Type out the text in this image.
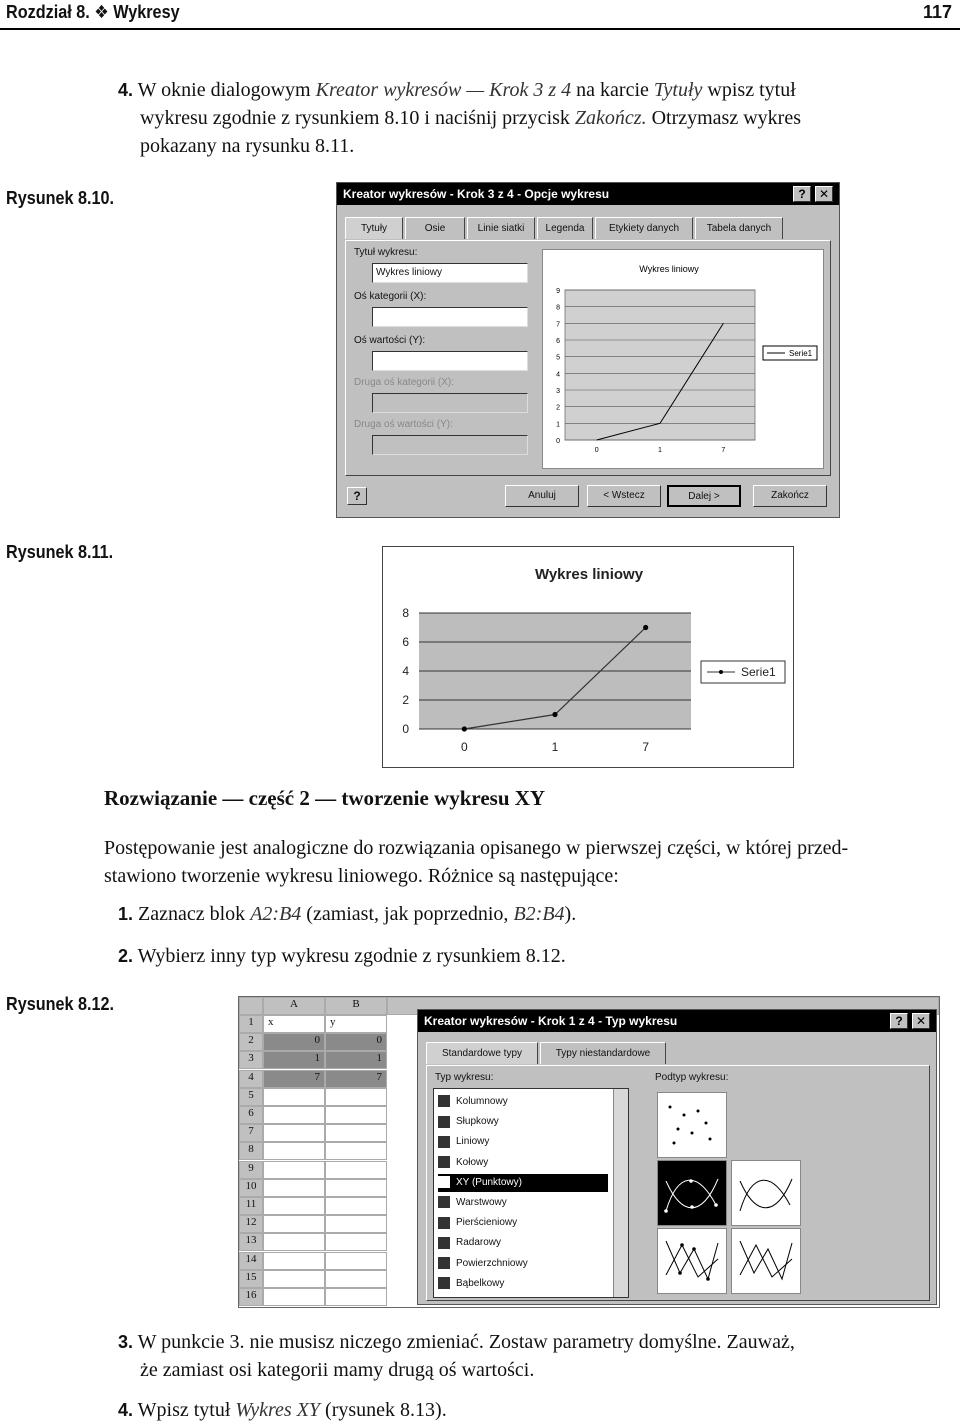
Rozdział 8. ❖ Wykresy	117
4. W oknie dialogowym Kreator wykresów — Krok 3 z 4 na karcie Tytuły wpisz tytuł
wykresu zgodnie z rysunkiem 8.10 i naciśnij przycisk Zakończ. Otrzymasz wykres
pokazany na rysunku 8.11.
Rysunek 8.10.	Kreator wykresów - Krok 3 z 4 - Opcje wykresu	?	✕
Tytuły	Osie	Linie siatki	Legenda	Etykiety danych	Tabela danych
Tytuł wykresu:
Wykres liniowy
Oś kategorii (X):
Oś wartości (Y):
Druga oś kategorii (X):
Druga oś wartości (Y):
Wykres liniowy
0
1
2
3
4
5
6
7
8
9
0	1	7
Serie1
?	Anuluj	< Wstecz	Dalej >	Zakończ
Rysunek 8.11.
Wykres liniowy
0
2
4
6
8
0	1	7
Serie1
Rozwiązanie — część 2 — tworzenie wykresu XY
Postępowanie jest analogiczne do rozwiązania opisanego w pierwszej części, w której przed-
stawiono tworzenie wykresu liniowego. Różnice są następujące:
1. Zaznacz blok A2:B4 (zamiast, jak poprzednio, B2:B4).
2. Wybierz inny typ wykresu zgodnie z rysunkiem 8.12.
Rysunek 8.12.	A	B
1	x	y
2	0	0
3	1	1
4	7	7
5
6
7
8
9
10
11
12
13
14
15
16
Kreator wykresów - Krok 1 z 4 - Typ wykresu	?	✕
Standardowe typy	Typy niestandardowe
Typ wykresu:
Kolumnowy
Słupkowy
Liniowy
Kołowy
XY (Punktowy)
Warstwowy
Pierścieniowy
Radarowy
Powierzchniowy
Bąbelkowy
Podtyp wykresu:
3. W punkcie 3. nie musisz niczego zmieniać. Zostaw parametry domyślne. Zauważ,
że zamiast osi kategorii mamy drugą oś wartości.
4. Wpisz tytuł Wykres XY (rysunek 8.13).
